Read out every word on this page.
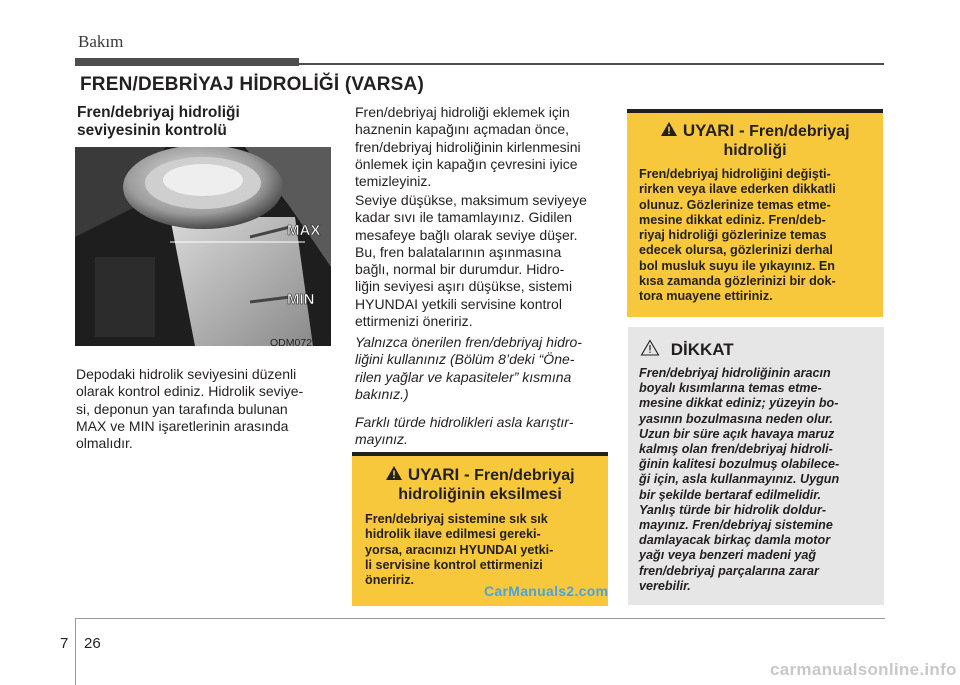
Bakım
FREN/DEBRİYAJ HİDROLİĞİ (VARSA)
Fren/debriyaj hidroliği
seviyesinin kontrolü
MAX
MIN
ODM072009
Depodaki hidrolik seviyesini düzenli
olarak kontrol ediniz. Hidrolik seviye-
si, deponun yan tarafında bulunan
MAX ve MIN işaretlerinin arasında
olmalıdır.
Fren/debriyaj hidroliği eklemek için
haznenin kapağını açmadan önce,
fren/debriyaj hidroliğinin kirlenmesini
önlemek için kapağın çevresini iyice
temizleyiniz.
Seviye düşükse, maksimum seviyeye
kadar sıvı ile tamamlayınız. Gidilen
mesafeye bağlı olarak seviye düşer.
Bu, fren balatalarının aşınmasına
bağlı, normal bir durumdur. Hidro-
liğin seviyesi aşırı düşükse, sistemi
HYUNDAI yetkili servisine kontrol
ettirmenizi öneririz.
Yalnızca önerilen fren/debriyaj hidro-
liğini kullanınız (Bölüm 8’deki “Öne-
rilen yağlar ve kapasiteler” kısmına
bakınız.)
Farklı türde hidrolikleri asla karıştır-
mayınız.
UYARI - Fren/debriyaj
hidroliğinin eksilmesi
Fren/debriyaj sistemine sık sık
hidrolik ilave edilmesi gereki-
yorsa, aracınızı HYUNDAI yetki-
li servisine kontrol ettirmenizi
öneririz.
UYARI - Fren/debriyaj
hidroliği
Fren/debriyaj hidroliğini değişti-
rirken veya ilave ederken dikkatli
olunuz. Gözlerinize temas etme-
mesine dikkat ediniz. Fren/deb-
riyaj hidroliği gözlerinize temas
edecek olursa, gözlerinizi derhal
bol musluk suyu ile yıkayınız. En
kısa zamanda gözlerinizi bir dok-
tora muayene ettiriniz.
DİKKAT
Fren/debriyaj hidroliğinin aracın
boyalı kısımlarına temas etme-
mesine dikkat ediniz; yüzeyin bo-
yasının bozulmasına neden olur.
Uzun bir süre açık havaya maruz
kalmış olan fren/debriyaj hidroli-
ğinin kalitesi bozulmuş olabilece-
ği için, asla kullanmayınız. Uygun
bir şekilde bertaraf edilmelidir.
Yanlış türde bir hidrolik doldur-
mayınız. Fren/debriyaj sistemine
damlayacak birkaç damla motor
yağı veya benzeri madeni yağ
fren/debriyaj parçalarına zarar
verebilir.
CarManuals2.com
7 26
carmanualsonline.info
